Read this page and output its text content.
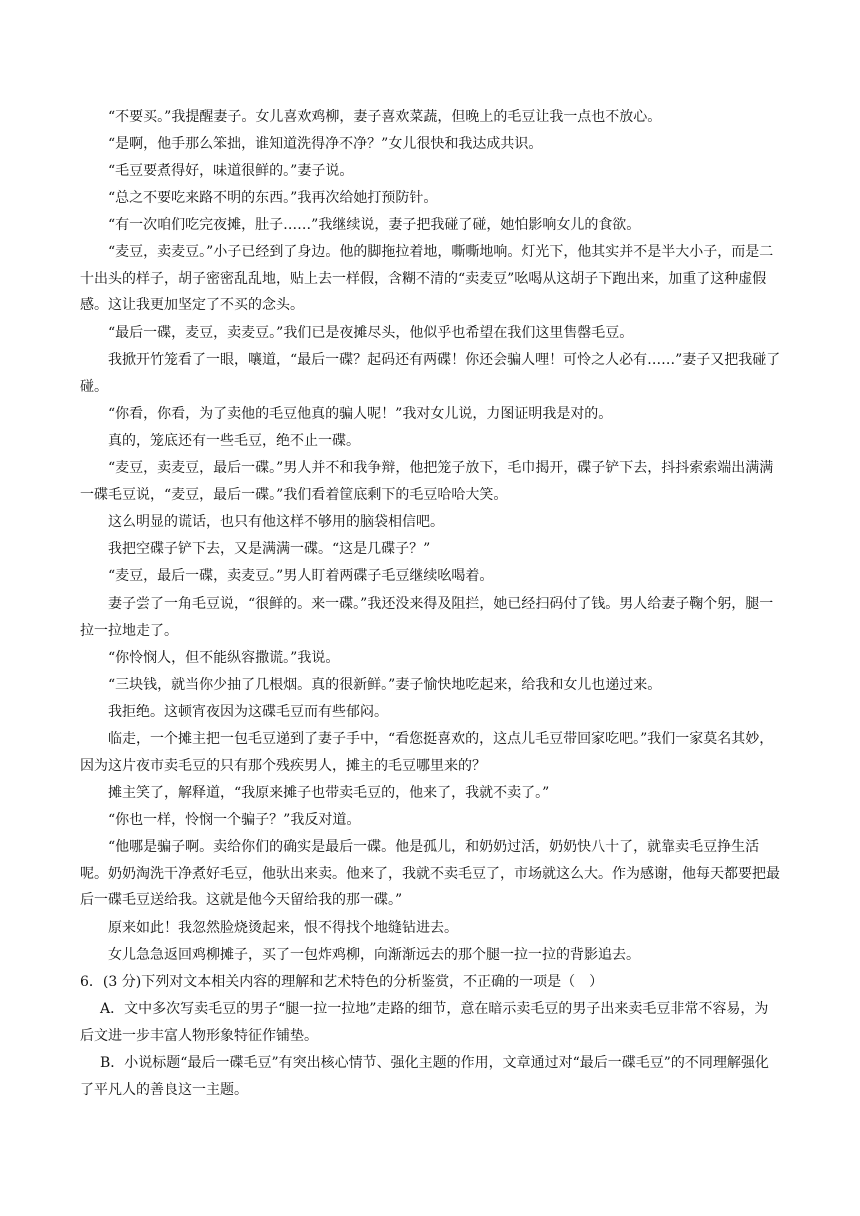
“不要买。”我提醒妻子。女儿喜欢鸡柳，妻子喜欢菜蔬，但晚上的毛豆让我一点也不放心。

“是啊，他手那么笨拙，谁知道洗得净不净？”女儿很快和我达成共识。

“毛豆要煮得好，味道很鲜的。”妻子说。

“总之不要吃来路不明的东西。”我再次给她打预防针。

“有一次咱们吃完夜摊，肚子……”我继续说，妻子把我碰了碰，她怕影响女儿的食欲。

“麦豆，卖麦豆。”小子已经到了身边。他的脚拖拉着地，嘶嘶地响。灯光下，他其实并不是半大小子，而是二十出头的样子，胡子密密乱乱地，贴上去一样假，含糊不清的“卖麦豆”吆喝从这胡子下跑出来，加重了这种虚假感。这让我更加坚定了不买的念头。

“最后一碟，麦豆，卖麦豆。”我们已是夜摊尽头，他似乎也希望在我们这里售罄毛豆。

我掀开竹笼看了一眼，嚷道，“最后一碟？起码还有两碟！你还会骗人哩！可怜之人必有……”妻子又把我碰了碰。

“你看，你看，为了卖他的毛豆他真的骗人呢！”我对女儿说，力图证明我是对的。

真的，笼底还有一些毛豆，绝不止一碟。

“麦豆，卖麦豆，最后一碟。”男人并不和我争辩，他把笼子放下，毛巾揭开，碟子铲下去，抖抖索索端出满满一碟毛豆说，“麦豆，最后一碟。”我们看着筐底剩下的毛豆哈哈大笑。

这么明显的谎话，也只有他这样不够用的脑袋相信吧。

我把空碟子铲下去，又是满满一碟。“这是几碟子？”

“麦豆，最后一碟，卖麦豆。”男人盯着两碟子毛豆继续吆喝着。

妻子尝了一角毛豆说，“很鲜的。来一碟。”我还没来得及阻拦，她已经扫码付了钱。男人给妻子鞠个躬，腿一拉一拉地走了。

“你怜悯人，但不能纵容撒谎。”我说。

“三块钱，就当你少抽了几根烟。真的很新鲜。”妻子愉快地吃起来，给我和女儿也递过来。

我拒绝。这顿宵夜因为这碟毛豆而有些郁闷。

临走，一个摊主把一包毛豆递到了妻子手中，“看您挺喜欢的，这点儿毛豆带回家吃吧。”我们一家莫名其妙，因为这片夜市卖毛豆的只有那个残疾男人，摊主的毛豆哪里来的？

摊主笑了，解释道，“我原来摊子也带卖毛豆的，他来了，我就不卖了。”

“你也一样，怜悯一个骗子？”我反对道。

“他哪是骗子啊。卖给你们的确实是最后一碟。他是孤儿，和奶奶过活，奶奶快八十了，就靠卖毛豆挣生活呢。奶奶淘洗干净煮好毛豆，他驮出来卖。他来了，我就不卖毛豆了，市场就这么大。作为感谢，他每天都要把最后一碟毛豆送给我。这就是他今天留给我的那一碟。”

原来如此！我忽然脸烧烫起来，恨不得找个地缝钻进去。

女儿急急返回鸡柳摊子，买了一包炸鸡柳，向渐渐远去的那个腿一拉一拉的背影追去。

6．(3 分)下列对文本相关内容的理解和艺术特色的分析鉴赏，不正确的一项是（　）

A．文中多次写卖毛豆的男子“腿一拉一拉地”走路的细节，意在暗示卖毛豆的男子出来卖毛豆非常不容易，为后文进一步丰富人物形象特征作铺垫。

B．小说标题“最后一碟毛豆”有突出核心情节、强化主题的作用，文章通过对“最后一碟毛豆”的不同理解强化了平凡人的善良这一主题。
